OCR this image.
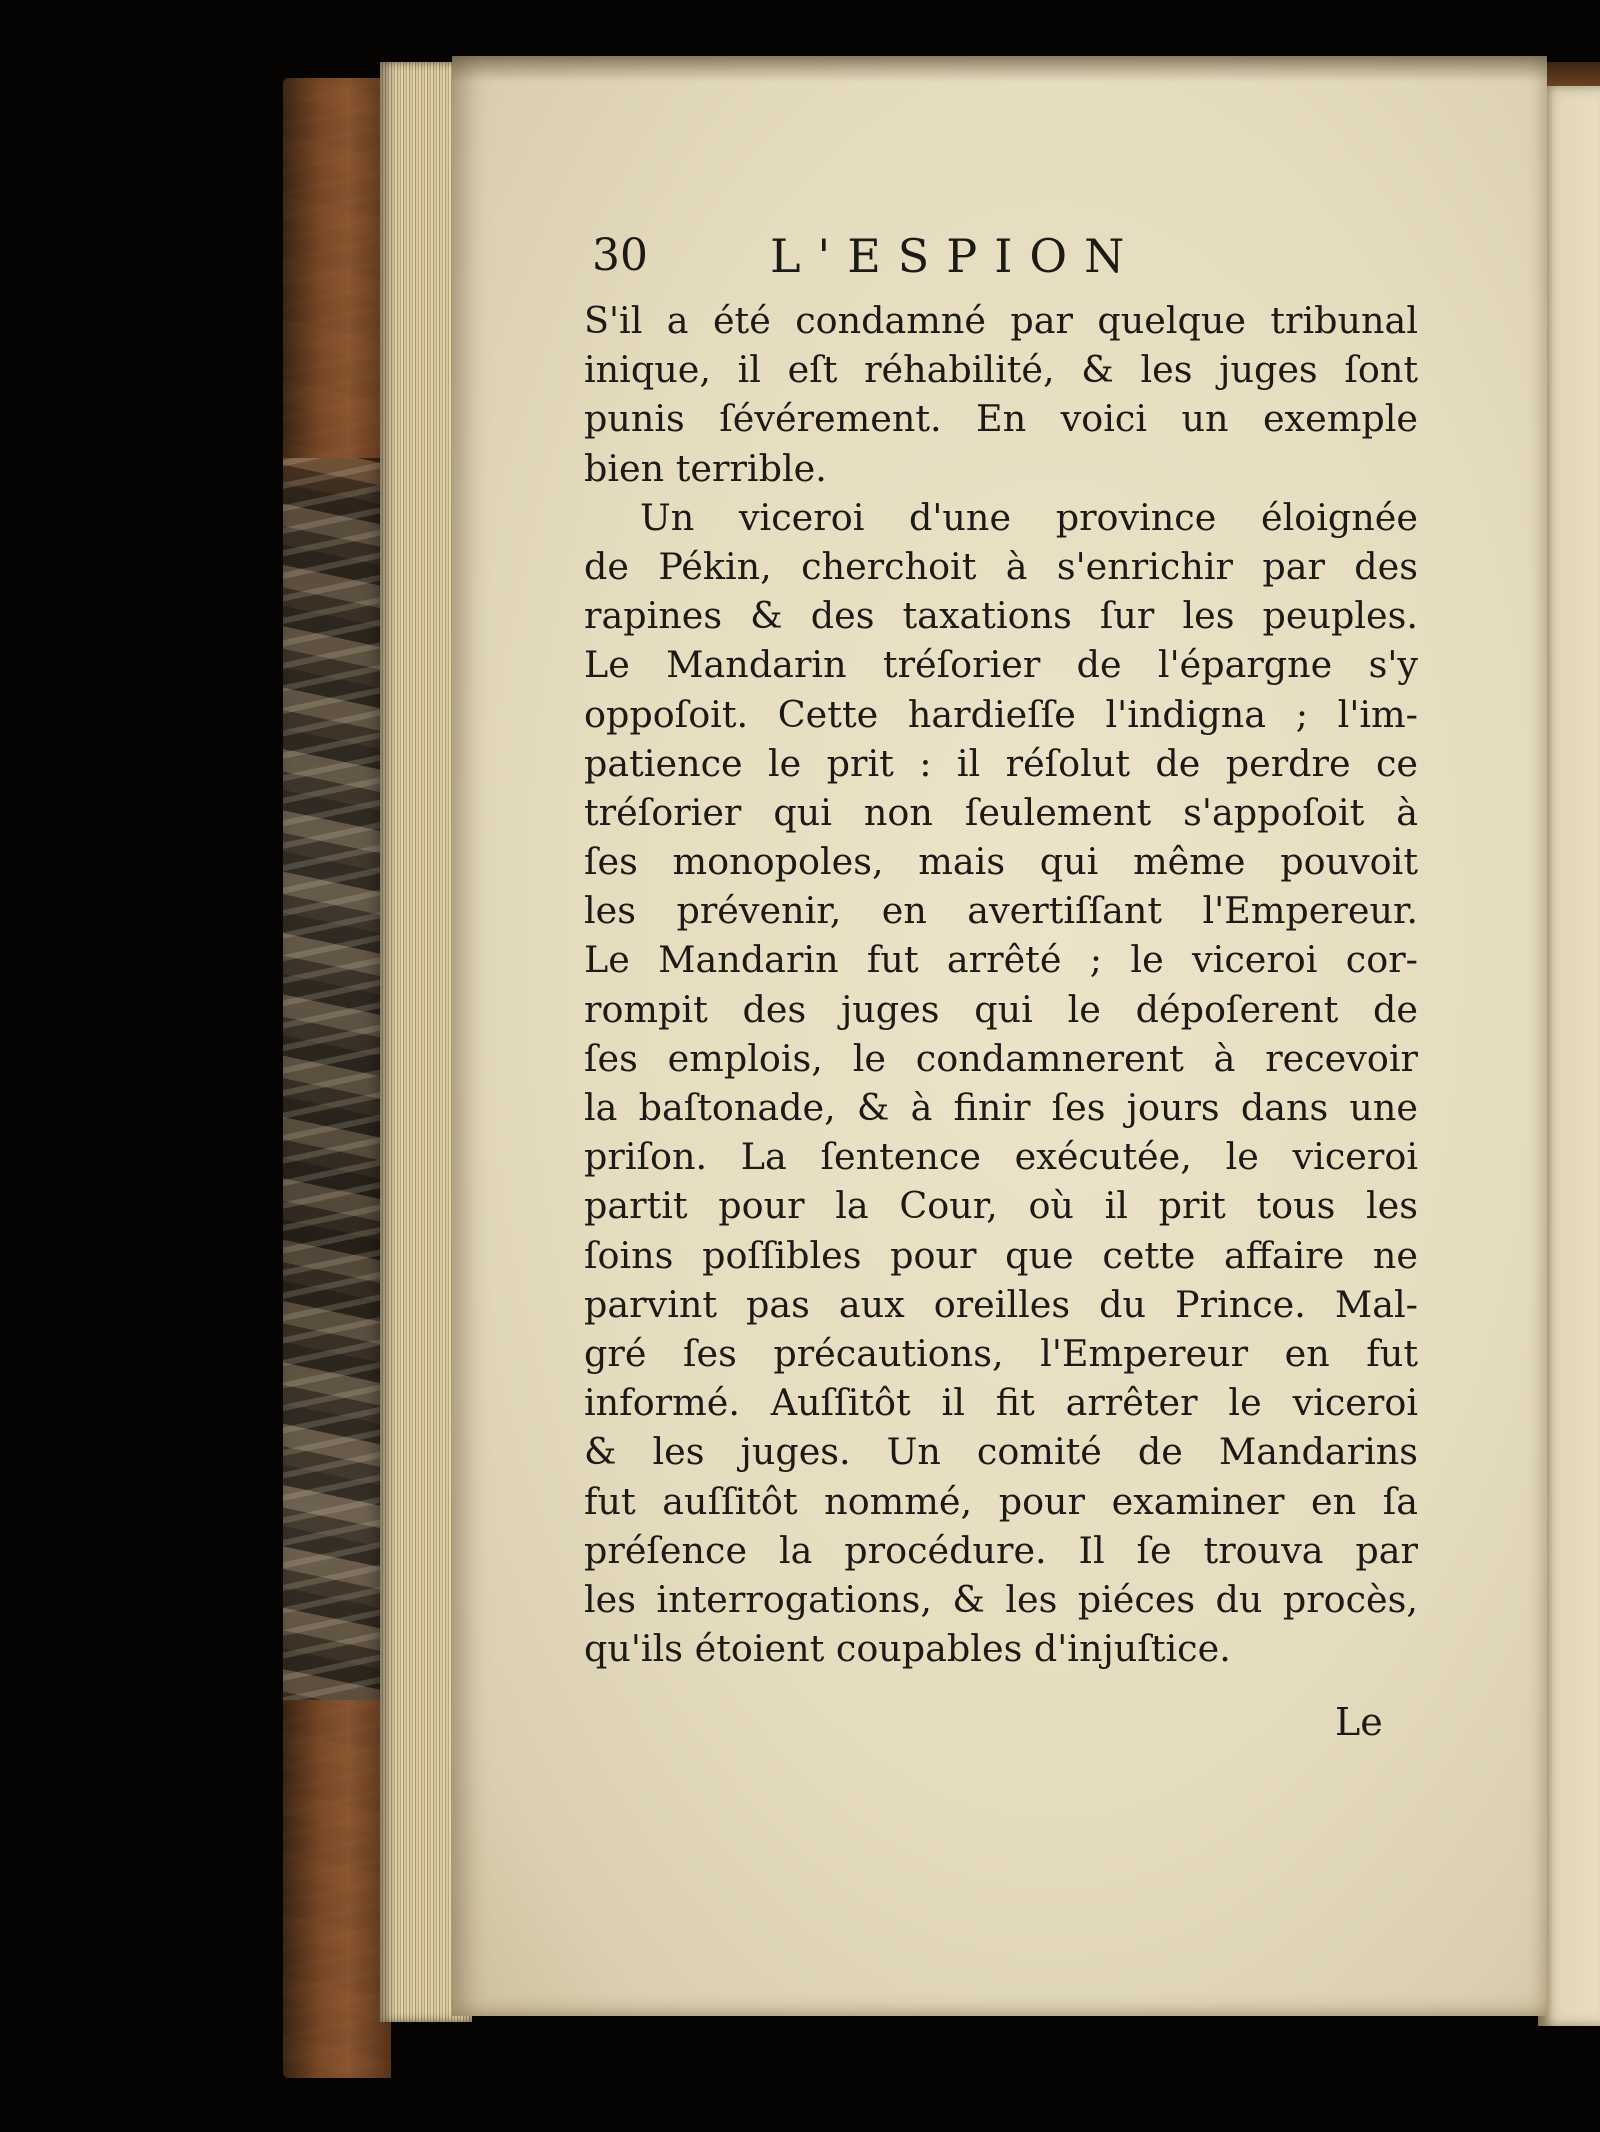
30	L'ESPION
S'il a été condamné par quelque tribunal
inique, il eſt réhabilité, & les juges ſont
punis ſévérement. En voici un exemple
bien terrible.
Un viceroi d'une province éloignée
de Pékin, cherchoit à s'enrichir par des
rapines & des taxations ſur les peuples.
Le Mandarin tréſorier de l'épargne s'y
oppoſoit. Cette hardieſſe l'indigna ; l'im-
patience le prit : il réſolut de perdre ce
tréſorier qui non ſeulement s'appoſoit à
ſes monopoles, mais qui même pouvoit
les prévenir, en avertiſſant l'Empereur.
Le Mandarin fut arrêté ; le viceroi cor-
rompit des juges qui le dépoſerent de
ſes emplois, le condamnerent à recevoir
la baſtonade, & à finir ſes jours dans une
priſon. La ſentence exécutée, le viceroi
partit pour la Cour, où il prit tous les
ſoins poſſibles pour que cette affaire ne
parvint pas aux oreilles du Prince. Mal-
gré ſes précautions, l'Empereur en fut
informé. Auſſitôt il fit arrêter le viceroi
& les juges. Un comité de Mandarins
fut auſſitôt nommé, pour examiner en ſa
préſence la procédure. Il ſe trouva par
les interrogations, & les piéces du procès,
qu'ils étoient coupables d'injuſtice.
Le
